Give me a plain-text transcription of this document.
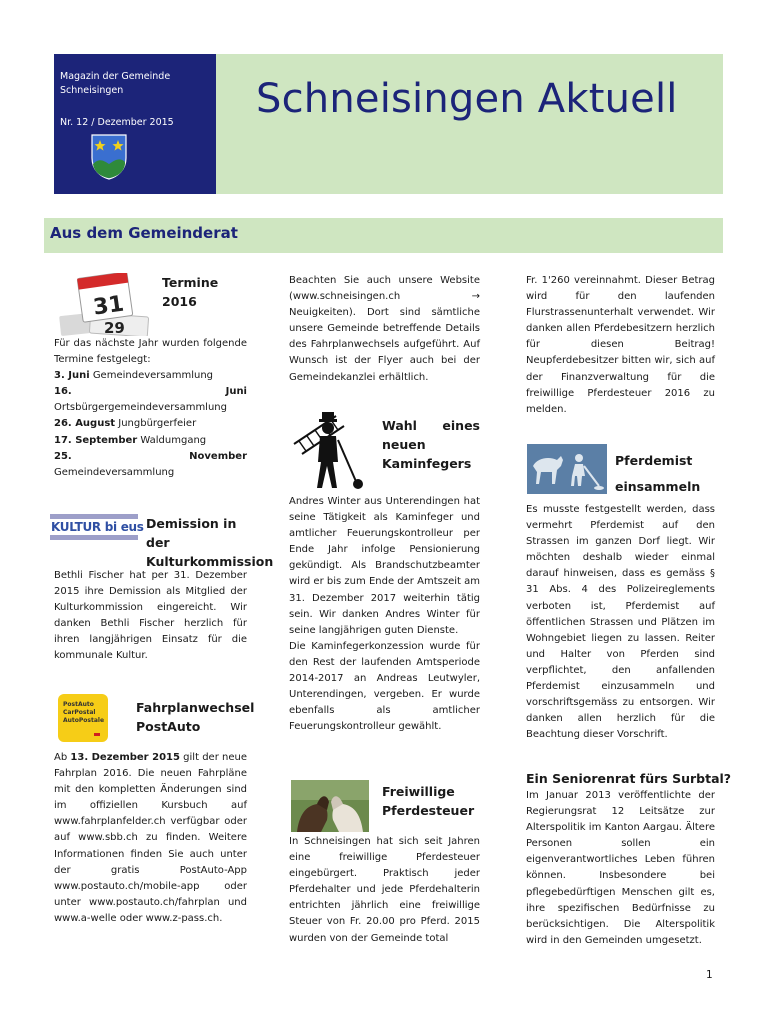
Magazin der Gemeinde Schneisingen
Nr. 12 / Dezember 2015
Schneisingen Aktuell
Aus dem Gemeinderat
29
31
Termine 2016

Für das nächste Jahr wurden folgende Termine festgelegt:

3. Juni Gemeindeversammlung

16. Juni Ortsbürgergemeindeversammlung

26. August Jungbürgerfeier

17. September Waldumgang

25. November Gemeindeversammlung

KULTUR bi eus Demission in der Kulturkommission
Bethli Fischer hat per 31. Dezember 2015 ihre Demission als Mitglied der Kulturkommission eingereicht. Wir danken Bethli Fischer herzlich für ihren langjährigen Einsatz für die kommunale Kultur.
PostAuto CarPostal AutoPostale
Fahrplanwechsel PostAuto
Ab 13. Dezember 2015 gilt der neue Fahrplan 2016. Die neuen Fahrpläne mit den kompletten Änderungen sind im offiziellen Kursbuch auf www.fahrplanfelder.ch verfügbar oder auf www.sbb.ch zu finden. Weitere Informationen finden Sie auch unter der gratis PostAuto-App www.postauto.ch/mobile-app oder unter www.postauto.ch/fahrplan und www.a-welle oder www.z-pass.ch.
Beachten Sie auch unsere Website (www.schneisingen.ch → Neuigkeiten). Dort sind sämtliche unsere Gemeinde betreffende Details des Fahrplanwechsels aufgeführt. Auf Wunsch ist der Flyer auch bei der Gemeindekanzlei erhältlich.
Wahl eines neuen Kaminfegers

Andres Winter aus Unterendingen hat seine Tätigkeit als Kaminfeger und amtlicher Feuerungskontrolleur per Ende Jahr infolge Pensionierung gekündigt. Als Brandschutzbeamter wird er bis zum Ende der Amtszeit am 31. Dezember 2017 weiterhin tätig sein. Wir danken Andres Winter für seine langjährigen guten Dienste.

Die Kaminfegerkonzession wurde für den Rest der laufenden Amtsperiode 2014-2017 an Andreas Leutwyler, Unterendingen, vergeben. Er wurde ebenfalls als amtlicher Feuerungskontrolleur gewählt.

Freiwillige Pferdesteuer
In Schneisingen hat sich seit Jahren eine freiwillige Pferdesteuer eingebürgert. Praktisch jeder Pferdehalter und jede Pferdehalterin entrichten jährlich eine freiwillige Steuer von Fr. 20.00 pro Pferd. 2015 wurden von der Gemeinde total
Fr. 1'260 vereinnahmt. Dieser Betrag wird für den laufenden Flurstrassenunterhalt verwendet. Wir danken allen Pferdebesitzern herzlich für diesen Beitrag! Neupferdebesitzer bitten wir, sich auf der Finanzverwaltung für die freiwillige Pferdesteuer 2016 zu melden.
Pferdemist einsammeln
Es musste festgestellt werden, dass vermehrt Pferdemist auf den Strassen im ganzen Dorf liegt. Wir möchten deshalb wieder einmal darauf hinweisen, dass es gemäss § 31 Abs. 4 des Polizeireglements verboten ist, Pferdemist auf öffentlichen Strassen und Plätzen im Wohngebiet liegen zu lassen. Reiter und Halter von Pferden sind verpflichtet, den anfallenden Pferdemist einzusammeln und vorschriftsgemäss zu entsorgen. Wir danken allen herzlich für die Beachtung dieser Vorschrift.
Ein Seniorenrat fürs Surbtal?
Im Januar 2013 veröffentlichte der Regierungsrat 12 Leitsätze zur Alterspolitik im Kanton Aargau. Ältere Personen sollen ein eigenverantwortliches Leben führen können. Insbesondere bei pflegebedürftigen Menschen gilt es, ihre spezifischen Bedürfnisse zu berücksichtigen. Die Alterspolitik wird in den Gemeinden umgesetzt.
1
